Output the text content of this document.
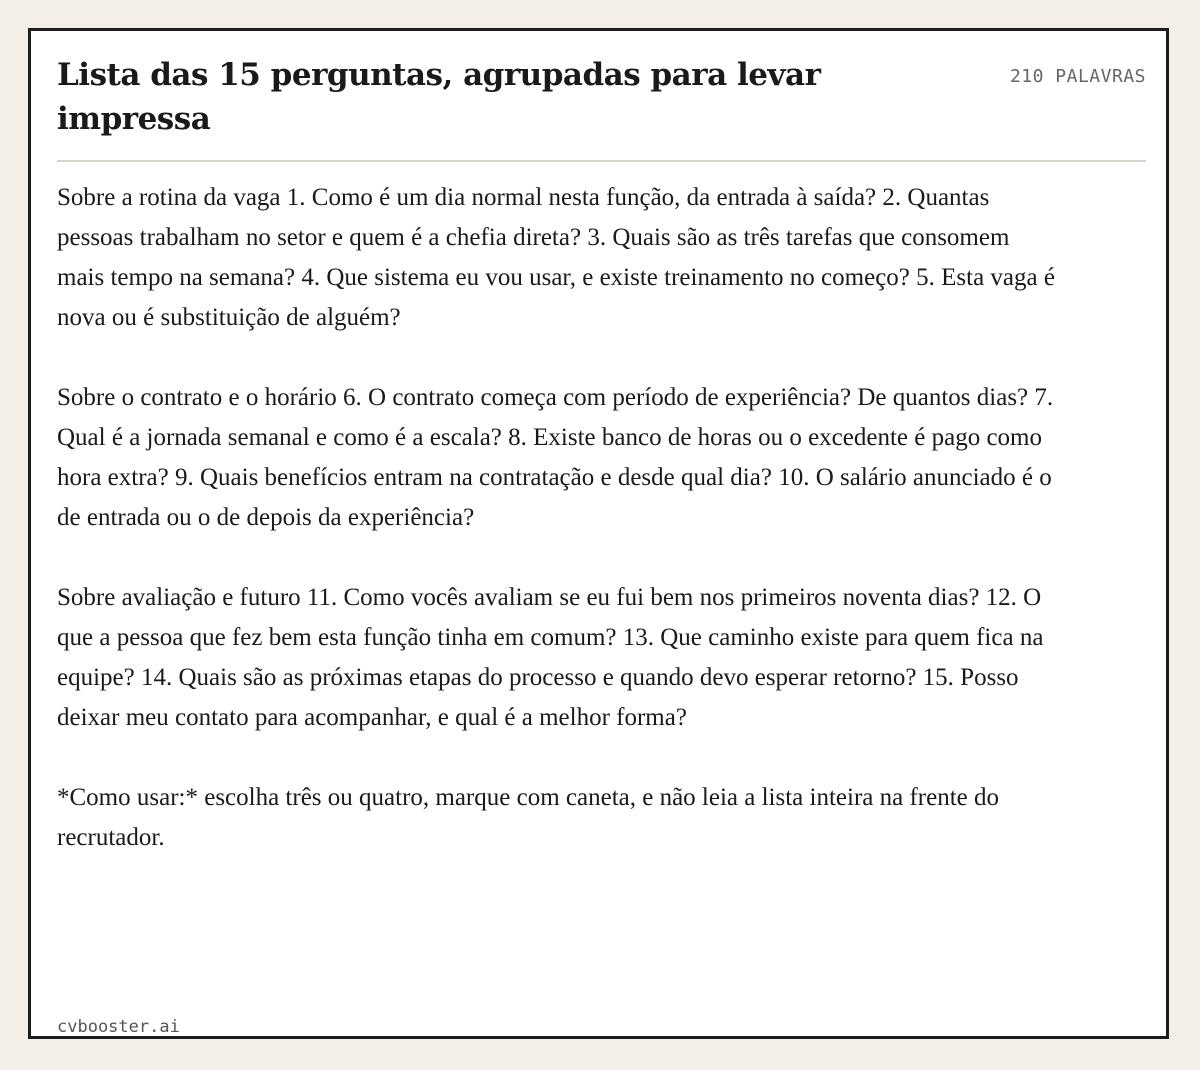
Lista das 15 perguntas, agrupadas para levar impressa
210 PALAVRAS

Sobre a rotina da vaga 1. Como é um dia normal nesta função, da entrada à saída? 2. Quantas pessoas trabalham no setor e quem é a chefia direta? 3. Quais são as três tarefas que consomem mais tempo na semana? 4. Que sistema eu vou usar, e existe treinamento no começo? 5. Esta vaga é nova ou é substituição de alguém?

Sobre o contrato e o horário 6. O contrato começa com período de experiência? De quantos dias? 7. Qual é a jornada semanal e como é a escala? 8. Existe banco de horas ou o excedente é pago como hora extra? 9. Quais benefícios entram na contratação e desde qual dia? 10. O salário anunciado é o de entrada ou o de depois da experiência?

Sobre avaliação e futuro 11. Como vocês avaliam se eu fui bem nos primeiros noventa dias? 12. O que a pessoa que fez bem esta função tinha em comum? 13. Que caminho existe para quem fica na equipe? 14. Quais são as próximas etapas do processo e quando devo esperar retorno? 15. Posso deixar meu contato para acompanhar, e qual é a melhor forma?

*Como usar:* escolha três ou quatro, marque com caneta, e não leia a lista inteira na frente do recrutador.

cvbooster.ai
